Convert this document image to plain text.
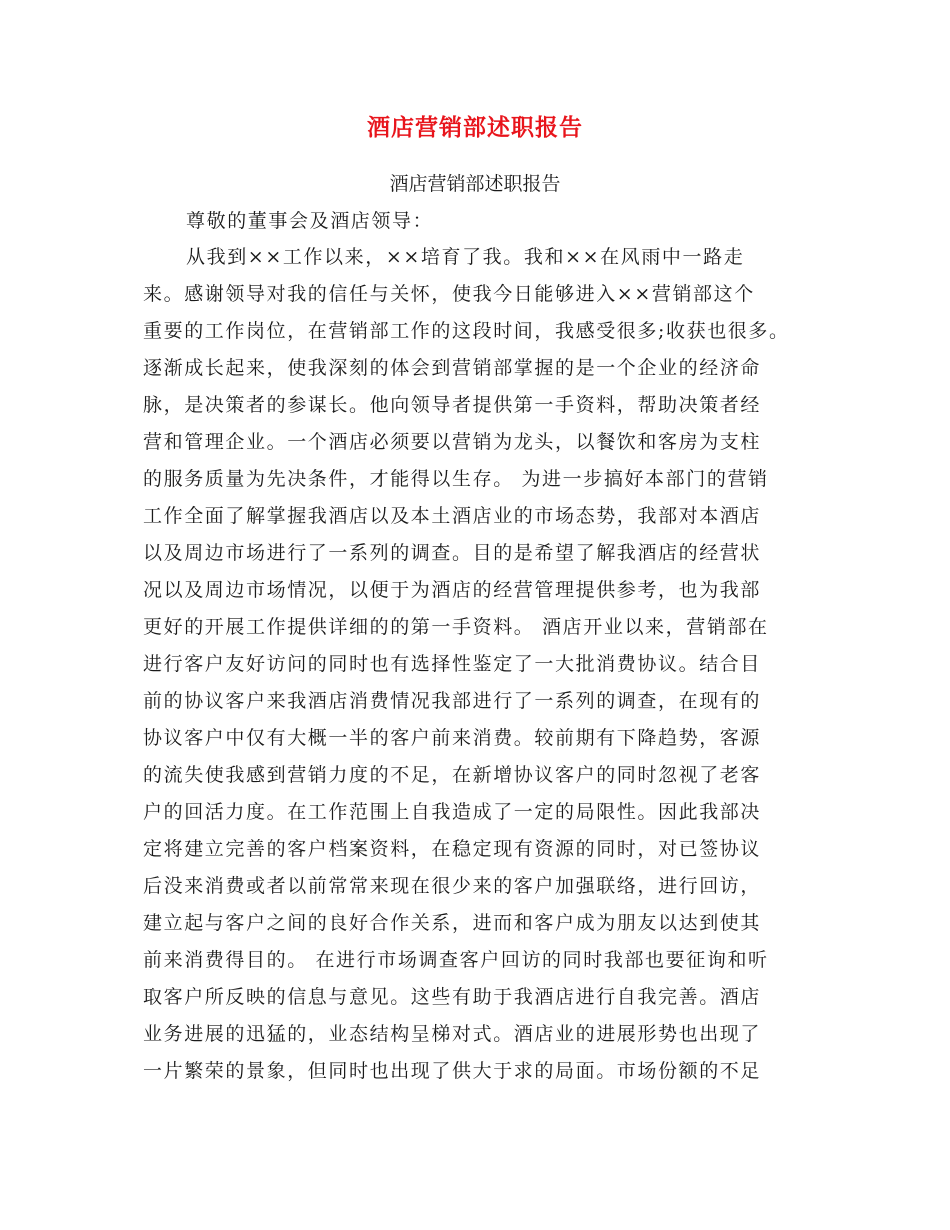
酒店营销部述职报告
酒店营销部述职报告
尊敬的董事会及酒店领导：
从我到××工作以来，××培育了我。我和××在风雨中一路走
来。感谢领导对我的信任与关怀，使我今日能够进入××营销部这个
重要的工作岗位，在营销部工作的这段时间，我感受很多;收获也很多。
逐渐成长起来，使我深刻的体会到营销部掌握的是一个企业的经济命
脉，是决策者的参谋长。他向领导者提供第一手资料，帮助决策者经
营和管理企业。一个酒店必须要以营销为龙头，以餐饮和客房为支柱
的服务质量为先决条件，才能得以生存。 为进一步搞好本部门的营销
工作全面了解掌握我酒店以及本土酒店业的市场态势，我部对本酒店
以及周边市场进行了一系列的调查。目的是希望了解我酒店的经营状
况以及周边市场情况，以便于为酒店的经营管理提供参考，也为我部
更好的开展工作提供详细的的第一手资料。 酒店开业以来，营销部在
进行客户友好访问的同时也有选择性鉴定了一大批消费协议。结合目
前的协议客户来我酒店消费情况我部进行了一系列的调查，在现有的
协议客户中仅有大概一半的客户前来消费。较前期有下降趋势，客源
的流失使我感到营销力度的不足，在新增协议客户的同时忽视了老客
户的回活力度。在工作范围上自我造成了一定的局限性。因此我部决
定将建立完善的客户档案资料，在稳定现有资源的同时，对已签协议
后没来消费或者以前常常来现在很少来的客户加强联络，进行回访，
建立起与客户之间的良好合作关系，进而和客户成为朋友以达到使其
前来消费得目的。 在进行市场调查客户回访的同时我部也要征询和听
取客户所反映的信息与意见。这些有助于我酒店进行自我完善。酒店
业务进展的迅猛的，业态结构呈梯对式。酒店业的进展形势也出现了
一片繁荣的景象，但同时也出现了供大于求的局面。市场份额的不足
